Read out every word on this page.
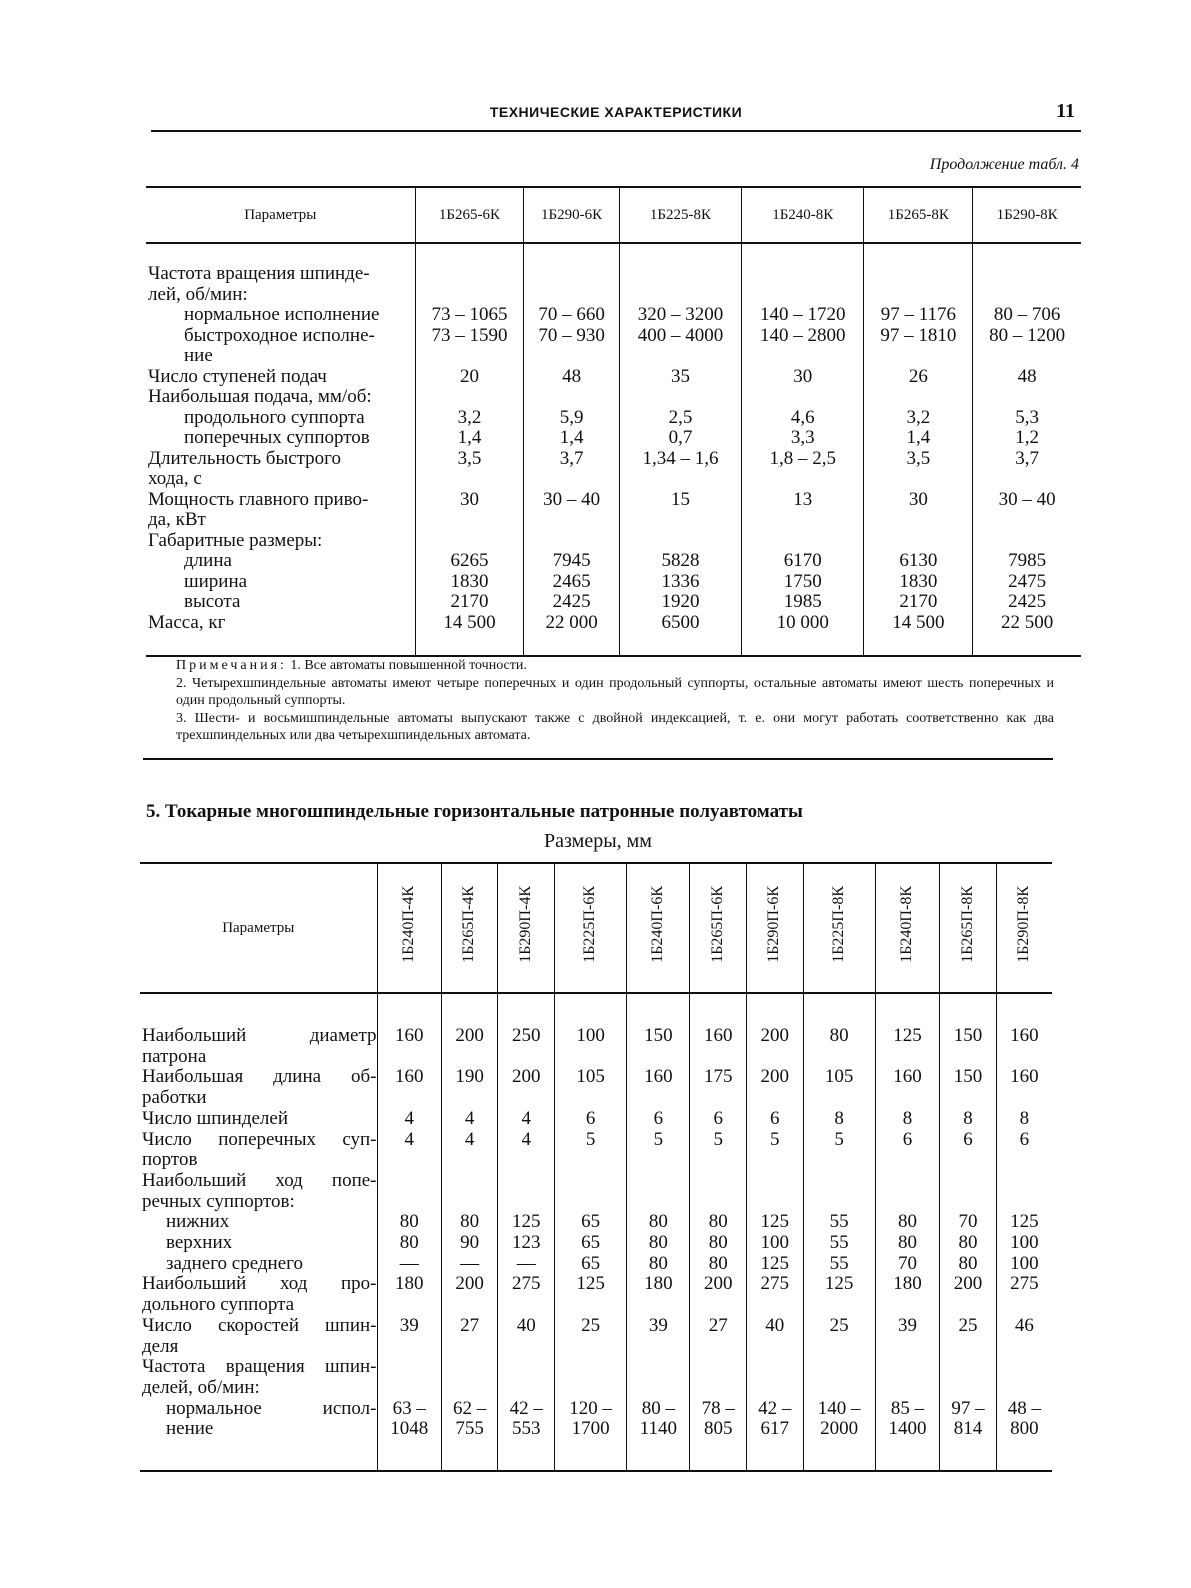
ТЕХНИЧЕСКИЕ ХАРАКТЕРИСТИКИ	11
Продолжение табл. 4
Параметры	1Б265-6К	1Б290-6К	1Б225-8К	1Б240-8К	1Б265-8К	1Б290-8К
Частота вращения шпинде-						
лей, об/мин:						
нормальное исполнение	73 – 1065	70 – 660	320 – 3200	140 – 1720	97 – 1176	80 – 706
быстроходное исполне-	73 – 1590	70 – 930	400 – 4000	140 – 2800	97 – 1810	80 – 1200
ние						
Число ступеней подач	20	48	35	30	26	48
Наибольшая подача, мм/об:						
продольного суппорта	3,2	5,9	2,5	4,6	3,2	5,3
поперечных суппортов	1,4	1,4	0,7	3,3	1,4	1,2
Длительность быстрого	3,5	3,7	1,34 – 1,6	1,8 – 2,5	3,5	3,7
хода, с						
Мощность главного приво-	30	30 – 40	15	13	30	30 – 40
да, кВт						
Габаритные размеры:						
длина	6265	7945	5828	6170	6130	7985
ширина	1830	2465	1336	1750	1830	2475
высота	2170	2425	1920	1985	2170	2425
Масса, кг	14 500	22 000	6500	10 000	14 500	22 500

Примечания: 1. Все автоматы повышенной точности.

2. Четырехшпиндельные автоматы имеют четыре поперечных и один продольный суппорты, остальные автоматы имеют шесть поперечных и один продольный суппорты.

3. Шести- и восьмишпиндельные автоматы выпускают также с двойной индексацией, т. е. они могут работать соответственно как два трехшпиндельных или два четырехшпиндельных автомата.

5. Токарные многошпиндельные горизонтальные патронные полуавтоматы
Размеры, мм
Параметры	1Б240П-4К	1Б265П-4К	1Б290П-4К	1Б225П-6К	1Б240П-6К	1Б265П-6К	1Б290П-6К	1Б225П-8К	1Б240П-8К	1Б265П-8К	1Б290П-8К

Наибольший диаметр	160	200	250	100	150	160	200	80	125	150	160
патрона											

Наибольшая длина об-	160	190	200	105	160	175	200	105	160	150	160
работки											
Число шпинделей	4	4	4	6	6	6	6	8	8	8	8

Число поперечных суп-	4	4	4	5	5	5	5	5	6	6	6
портов											

Наибольший ход попе-											

речных суппортов:											
нижних	80	80	125	65	80	80	125	55	80	70	125
верхних	80	90	123	65	80	80	100	55	80	80	100
заднего среднего	—	—	—	65	80	80	125	55	70	80	100

Наибольший ход про-	180	200	275	125	180	200	275	125	180	200	275
дольного суппорта											

Число скоростей шпин-	39	27	40	25	39	27	40	25	39	25	46
деля											

Частота вращения шпин-											

делей, об/мин:											

нормальное испол-	63 –	62 –	42 –	120 –	80 –	78 –	42 –	140 –	85 –	97 –	48 –
нение	1048	755	553	1700	1140	805	617	2000	1400	814	800
